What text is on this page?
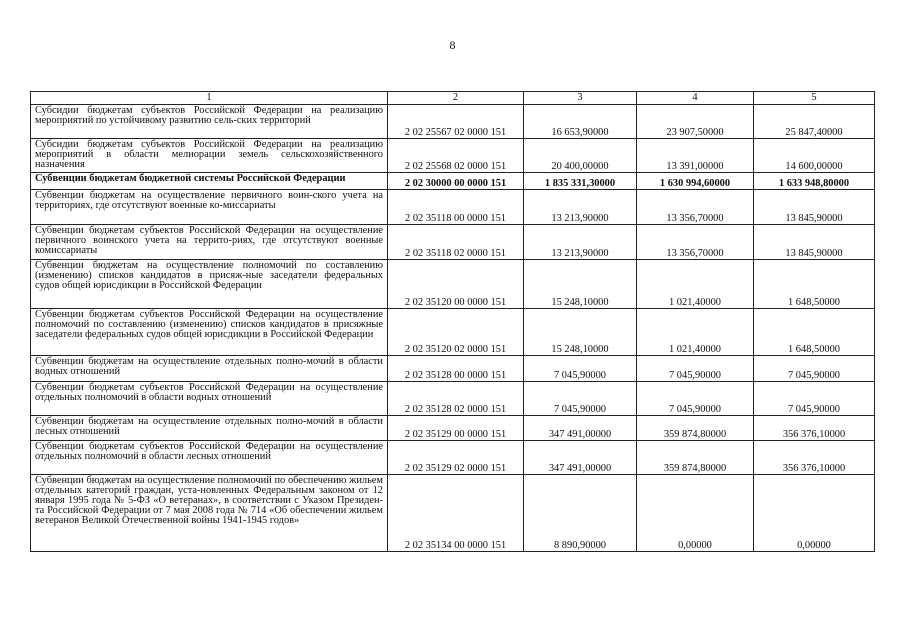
8
1	2	3	4	5
Субсидии бюджетам субъектов Российской Федерации на реализацию мероприятий по устойчивому развитию сель-ских территорий	2 02 25567 02 0000 151	16 653,90000	23 907,50000	25 847,40000
Субсидии бюджетам субъектов Российской Федерации на реализацию мероприятий в области мелиорации земель сельскохозяйственного назначения	2 02 25568 02 0000 151	20 400,00000	13 391,00000	14 600,00000
Субвенции бюджетам бюджетной системы Российской Федерации	2 02 30000 00 0000 151	1 835 331,30000	1 630 994,60000	1 633 948,80000
Субвенции бюджетам на осуществление первичного воин-ского учета на территориях, где отсутствуют военные ко-миссариаты	2 02 35118 00 0000 151	13 213,90000	13 356,70000	13 845,90000
Субвенции бюджетам субъектов Российской Федерации на осуществление первичного воинского учета на террито-риях, где отсутствуют военные комиссариаты	2 02 35118 02 0000 151	13 213,90000	13 356,70000	13 845,90000
Субвенции бюджетам на осуществление полномочий по составлению (изменению) списков кандидатов в присяж-ные заседатели федеральных судов общей юрисдикции в Российской Федерации	2 02 35120 00 0000 151	15 248,10000	1 021,40000	1 648,50000
Субвенции бюджетам субъектов Российской Федерации на осуществление полномочий по составлению (изменению) списков кандидатов в присяжные заседатели федеральных судов общей юрисдикции в Российской Федерации	2 02 35120 02 0000 151	15 248,10000	1 021,40000	1 648,50000
Субвенции бюджетам на осуществление отдельных полно-мочий в области водных отношений	2 02 35128 00 0000 151	7 045,90000	7 045,90000	7 045,90000
Субвенции бюджетам субъектов Российской Федерации на осуществление отдельных полномочий в области водных отношений	2 02 35128 02 0000 151	7 045,90000	7 045,90000	7 045,90000
Субвенции бюджетам на осуществление отдельных полно-мочий в области лесных отношений	2 02 35129 00 0000 151	347 491,00000	359 874,80000	356 376,10000
Субвенции бюджетам субъектов Российской Федерации на осуществление отдельных полномочий в области лесных отношений	2 02 35129 02 0000 151	347 491,00000	359 874,80000	356 376,10000
Субвенции бюджетам на осуществление полномочий по обеспечению жильем отдельных категорий граждан, уста-новленных Федеральным законом от 12 января 1995 года № 5-ФЗ «О ветеранах», в соответствии с Указом Президен-та Российской Федерации от 7 мая 2008 года № 714 «Об обеспечении жильем ветеранов Великой Отечественной войны 1941-1945 годов»	2 02 35134 00 0000 151	8 890,90000	0,00000	0,00000
